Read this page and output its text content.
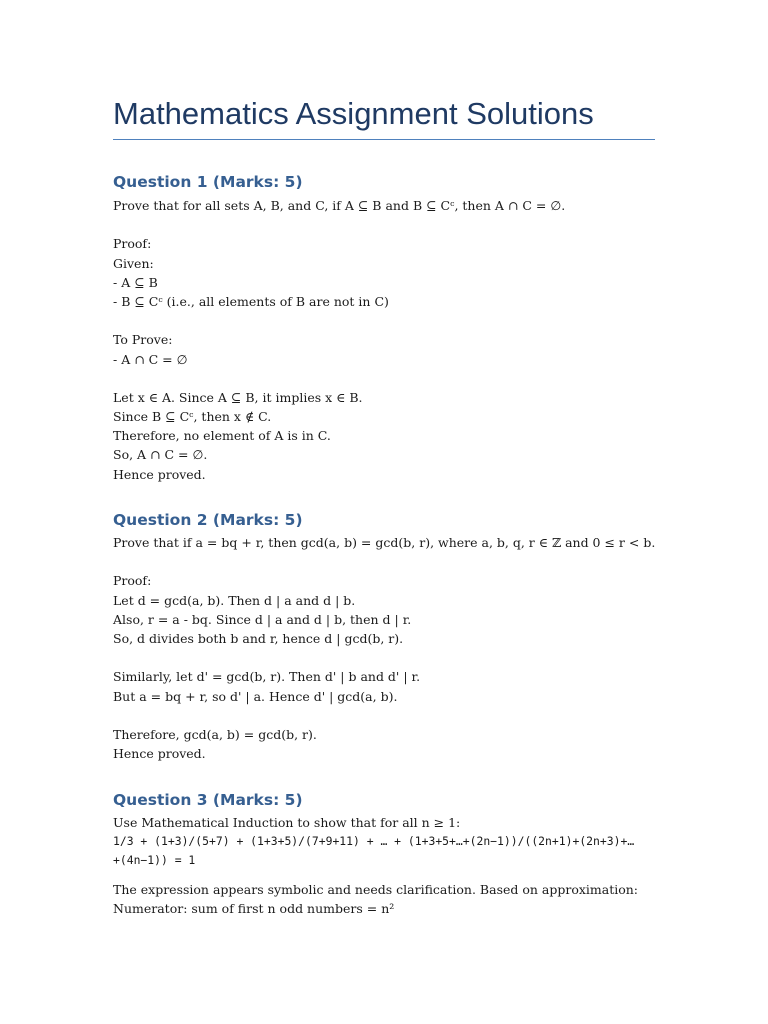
Mathematics Assignment Solutions
Question 1 (Marks: 5)
Prove that for all sets A, B, and C, if A ⊆ B and B ⊆ Cᶜ, then A ∩ C = ∅.
Proof:
Given:
- A ⊆ B
- B ⊆ Cᶜ (i.e., all elements of B are not in C)
To Prove:
- A ∩ C = ∅
Let x ∈ A. Since A ⊆ B, it implies x ∈ B.
Since B ⊆ Cᶜ, then x ∉ C.
Therefore, no element of A is in C.
So, A ∩ C = ∅.
Hence proved.
Question 2 (Marks: 5)
Prove that if a = bq + r, then gcd(a, b) = gcd(b, r), where a, b, q, r ∈ ℤ and 0 ≤ r < b.
Proof:
Let d = gcd(a, b). Then d | a and d | b.
Also, r = a - bq. Since d | a and d | b, then d | r.
So, d divides both b and r, hence d | gcd(b, r).
Similarly, let d' = gcd(b, r). Then d' | b and d' | r.
But a = bq + r, so d' | a. Hence d' | gcd(a, b).
Therefore, gcd(a, b) = gcd(b, r).
Hence proved.
Question 3 (Marks: 5)
Use Mathematical Induction to show that for all n ≥ 1:
1/3 + (1+3)/(5+7) + (1+3+5)/(7+9+11) + … + (1+3+5+…+(2n−1))/((2n+1)+(2n+3)+…
+(4n−1)) = 1
The expression appears symbolic and needs clarification. Based on approximation:
Numerator: sum of first n odd numbers = n²
